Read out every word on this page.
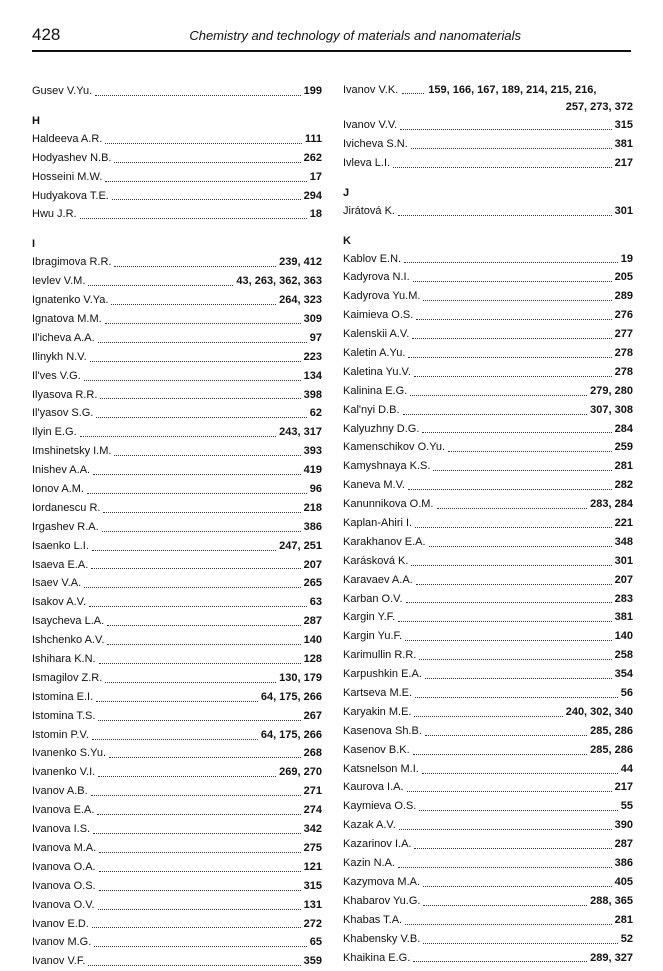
428	Chemistry and technology of materials and nanomaterials
Gusev V.Yu.	199
H
Haldeeva A.R.	111
Hodyashev N.B.	262
Hosseini M.W.	17
Hudyakova T.E.	294
Hwu J.R.	18
I
Ibragimova R.R.	239, 412
Ievlev V.M.	43, 263, 362, 363
Ignatenko V.Ya.	264, 323
Ignatova M.M.	309
Il'icheva A.A.	97
Ilinykh N.V.	223
Il'ves V.G.	134
Ilyasova R.R.	398
Il'yasov S.G.	62
Ilyin E.G.	243, 317
Imshinetsky I.M.	393
Inishev A.A.	419
Ionov A.M.	96
Iordanescu R.	218
Irgashev R.A.	386
Isaenko L.I.	247, 251
Isaeva E.A.	207
Isaev V.A.	265
Isakov A.V.	63
Isaycheva L.A.	287
Ishchenko A.V.	140
Ishihara K.N.	128
Ismagilov Z.R.	130, 179
Istomina E.I.	64, 175, 266
Istomina T.S.	267
Istomin P.V.	64, 175, 266
Ivanenko S.Yu.	268
Ivanenko V.I.	269, 270
Ivanov A.B.	271
Ivanova E.A.	274
Ivanova I.S.	342
Ivanova M.A.	275
Ivanova O.A.	121
Ivanova O.S.	315
Ivanova O.V.	131
Ivanov E.D.	272
Ivanov M.G.	65
Ivanov V.F.	359
Ivanov V.K.	159, 166, 167, 189, 214, 215, 216,
257, 273, 372
Ivanov V.V.	315
Ivicheva S.N.	381
Ivleva L.I.	217
J
Jirátová K.	301
K
Kablov E.N.	19
Kadyrova N.I.	205
Kadyrova Yu.M.	289
Kaimieva O.S.	276
Kalenskii A.V.	277
Kaletin A.Yu.	278
Kaletina Yu.V.	278
Kalinina E.G.	279, 280
Kal'nyi D.B.	307, 308
Kalyuzhny D.G.	284
Kamenschikov O.Yu.	259
Kamyshnaya K.S.	281
Kaneva M.V.	282
Kanunnikova O.M.	283, 284
Kaplan-Ahiri I.	221
Karakhanov E.A.	348
Karásková K.	301
Karavaev A.A.	207
Karban O.V.	283
Kargin Y.F.	381
Kargin Yu.F.	140
Karimullin R.R.	258
Karpushkin E.A.	354
Kartseva M.E.	56
Karyakin M.E.	240, 302, 340
Kasenova Sh.B.	285, 286
Kasenov B.K.	285, 286
Katsnelson M.I.	44
Kaurova I.A.	217
Kaymieva O.S.	55
Kazak A.V.	390
Kazarinov I.A.	287
Kazin N.A.	386
Kazymova M.A.	405
Khabarov Yu.G.	288, 365
Khabas T.A.	281
Khabensky V.B.	52
Khaikina E.G.	289, 327
